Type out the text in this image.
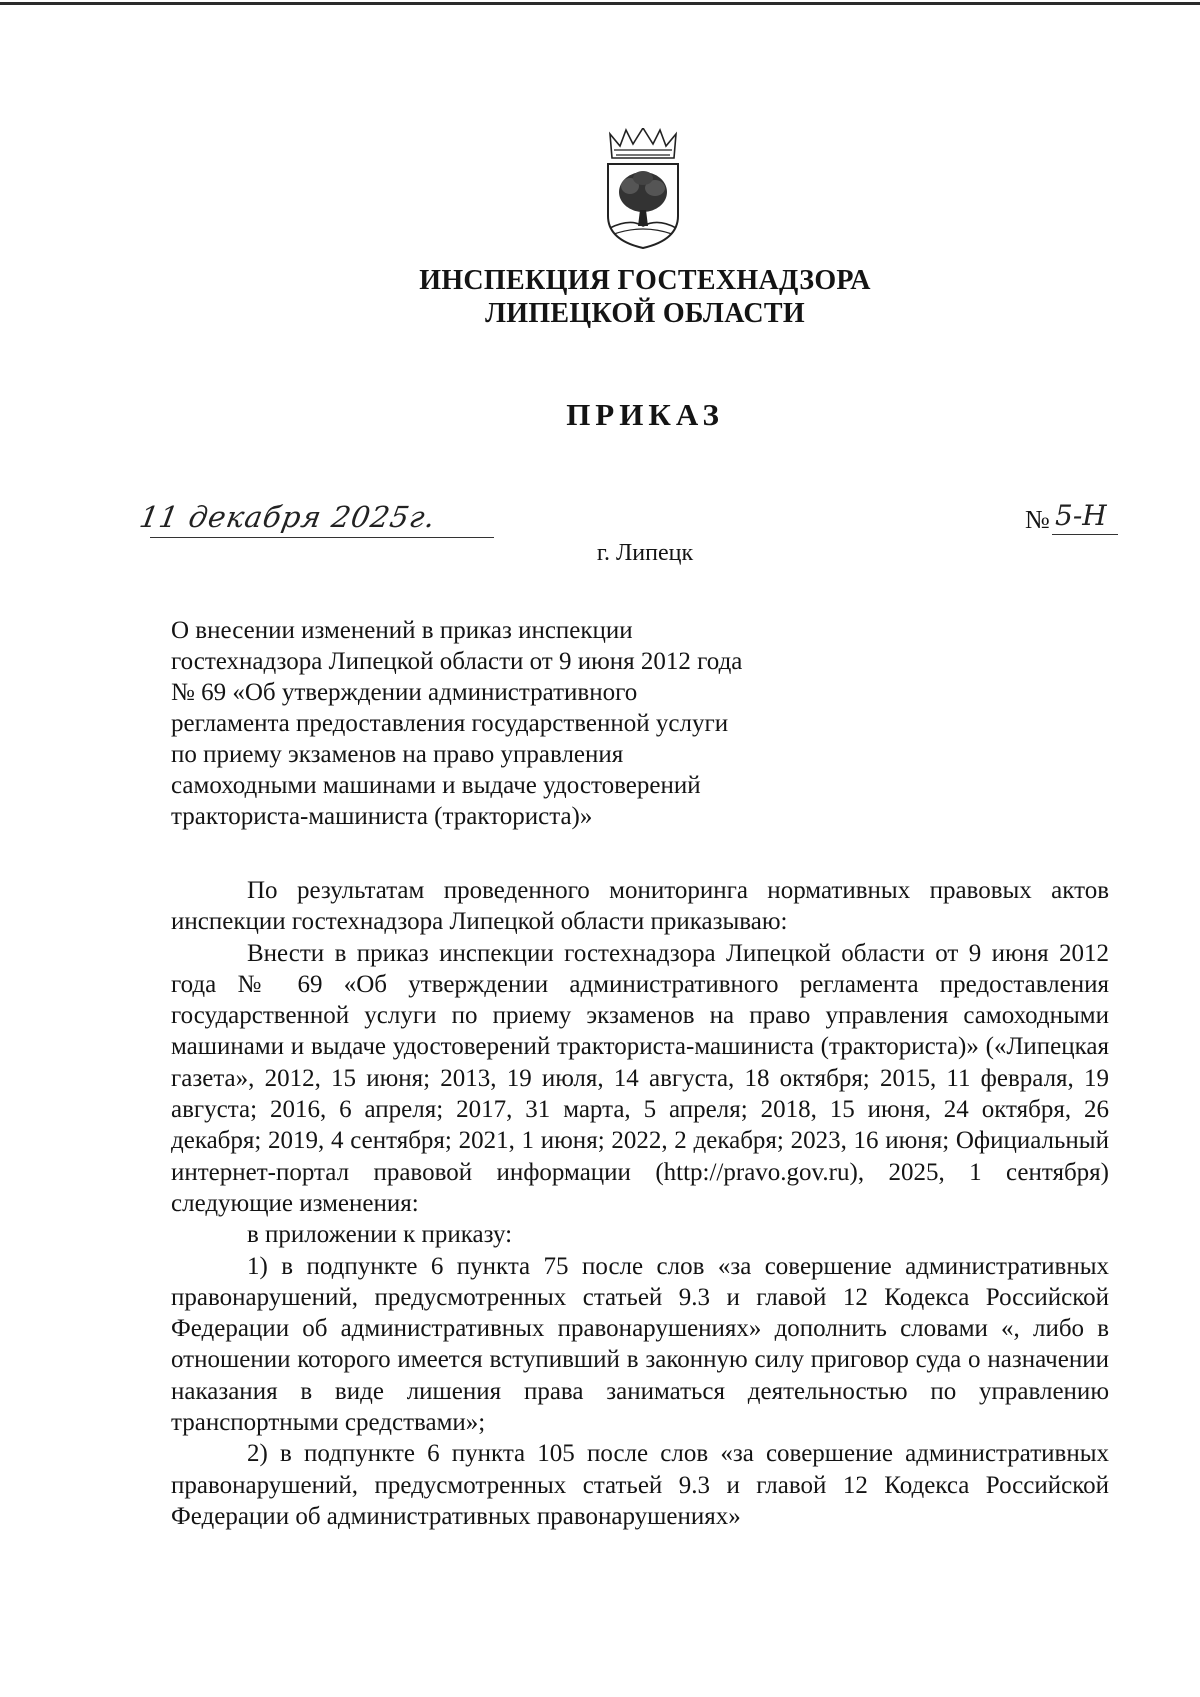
ИНСПЕКЦИЯ ГОСТЕХНАДЗОРА
ЛИПЕЦКОЙ ОБЛАСТИ
ПРИКАЗ
11 декабря 2025г.	№ 5-Н
г. Липецк
О внесении изменений в приказ инспекции
гостехнадзора Липецкой области от 9 июня 2012 года
№ 69 «Об утверждении административного
регламента предоставления государственной услуги
по приему экзаменов на право управления
самоходными машинами и выдаче удостоверений
тракториста-машиниста (тракториста)»

По результатам проведенного мониторинга нормативных правовых актов инспекции гостехнадзора Липецкой области приказываю:

Внести в приказ инспекции гостехнадзора Липецкой области от 9 июня 2012 года № 69 «Об утверждении административного регламента предоставления государственной услуги по приему экзаменов на право управления самоходными машинами и выдаче удостоверений тракториста-машиниста (тракториста)» («Липецкая газета», 2012, 15 июня; 2013, 19 июля, 14 августа, 18 октября; 2015, 11 февраля, 19 августа; 2016, 6 апреля; 2017, 31 марта, 5 апреля; 2018, 15 июня, 24 октября, 26 декабря; 2019, 4 сентября; 2021, 1 июня; 2022, 2 декабря; 2023, 16 июня; Официальный интернет-портал правовой информации (http://pravo.gov.ru), 2025, 1 сентября) следующие изменения:

в приложении к приказу:

1) в подпункте 6 пункта 75 после слов «за совершение административных правонарушений, предусмотренных статьей 9.3 и главой 12 Кодекса Российской Федерации об административных правонарушениях» дополнить словами «, либо в отношении которого имеется вступивший в законную силу приговор суда о назначении наказания в виде лишения права заниматься деятельностью по управлению транспортными средствами»;

2) в подпункте 6 пункта 105 после слов «за совершение административных правонарушений, предусмотренных статьей 9.3 и главой 12 Кодекса Российской Федерации об административных правонарушениях»
